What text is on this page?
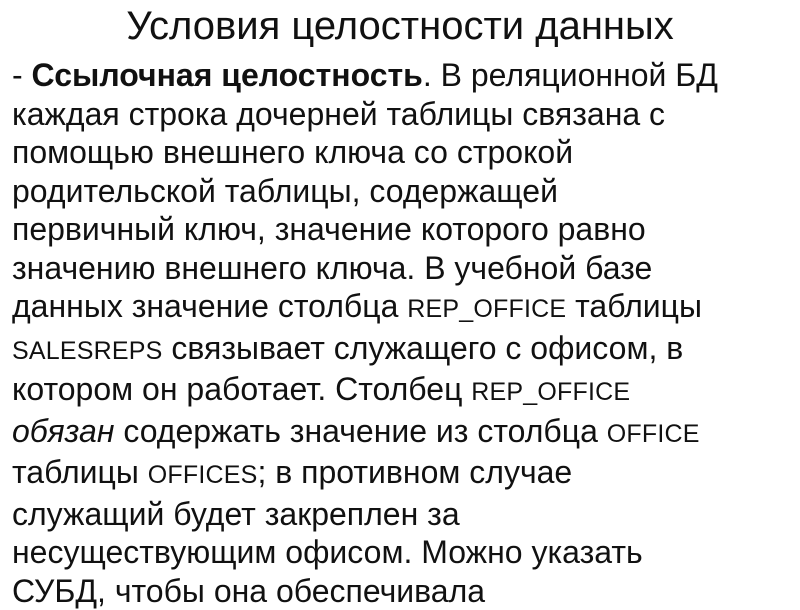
Условия целостности данных
- Ссылочная целостность. В реляционной БД
каждая строка дочерней таблицы связана с
помощью внешнего ключа со строкой
родительской таблицы, содержащей
первичный ключ, значение которого равно
значению внешнего ключа. В учебной базе
данных значение столбца REP_OFFICE таблицы
SALESREPS связывает служащего с офисом, в
котором он работает. Столбец REP_OFFICE
обязан содержать значение из столбца OFFICE
таблицы OFFICES; в противном случае
служащий будет закреплен за
несуществующим офисом. Можно указать
СУБД, чтобы она обеспечивала
